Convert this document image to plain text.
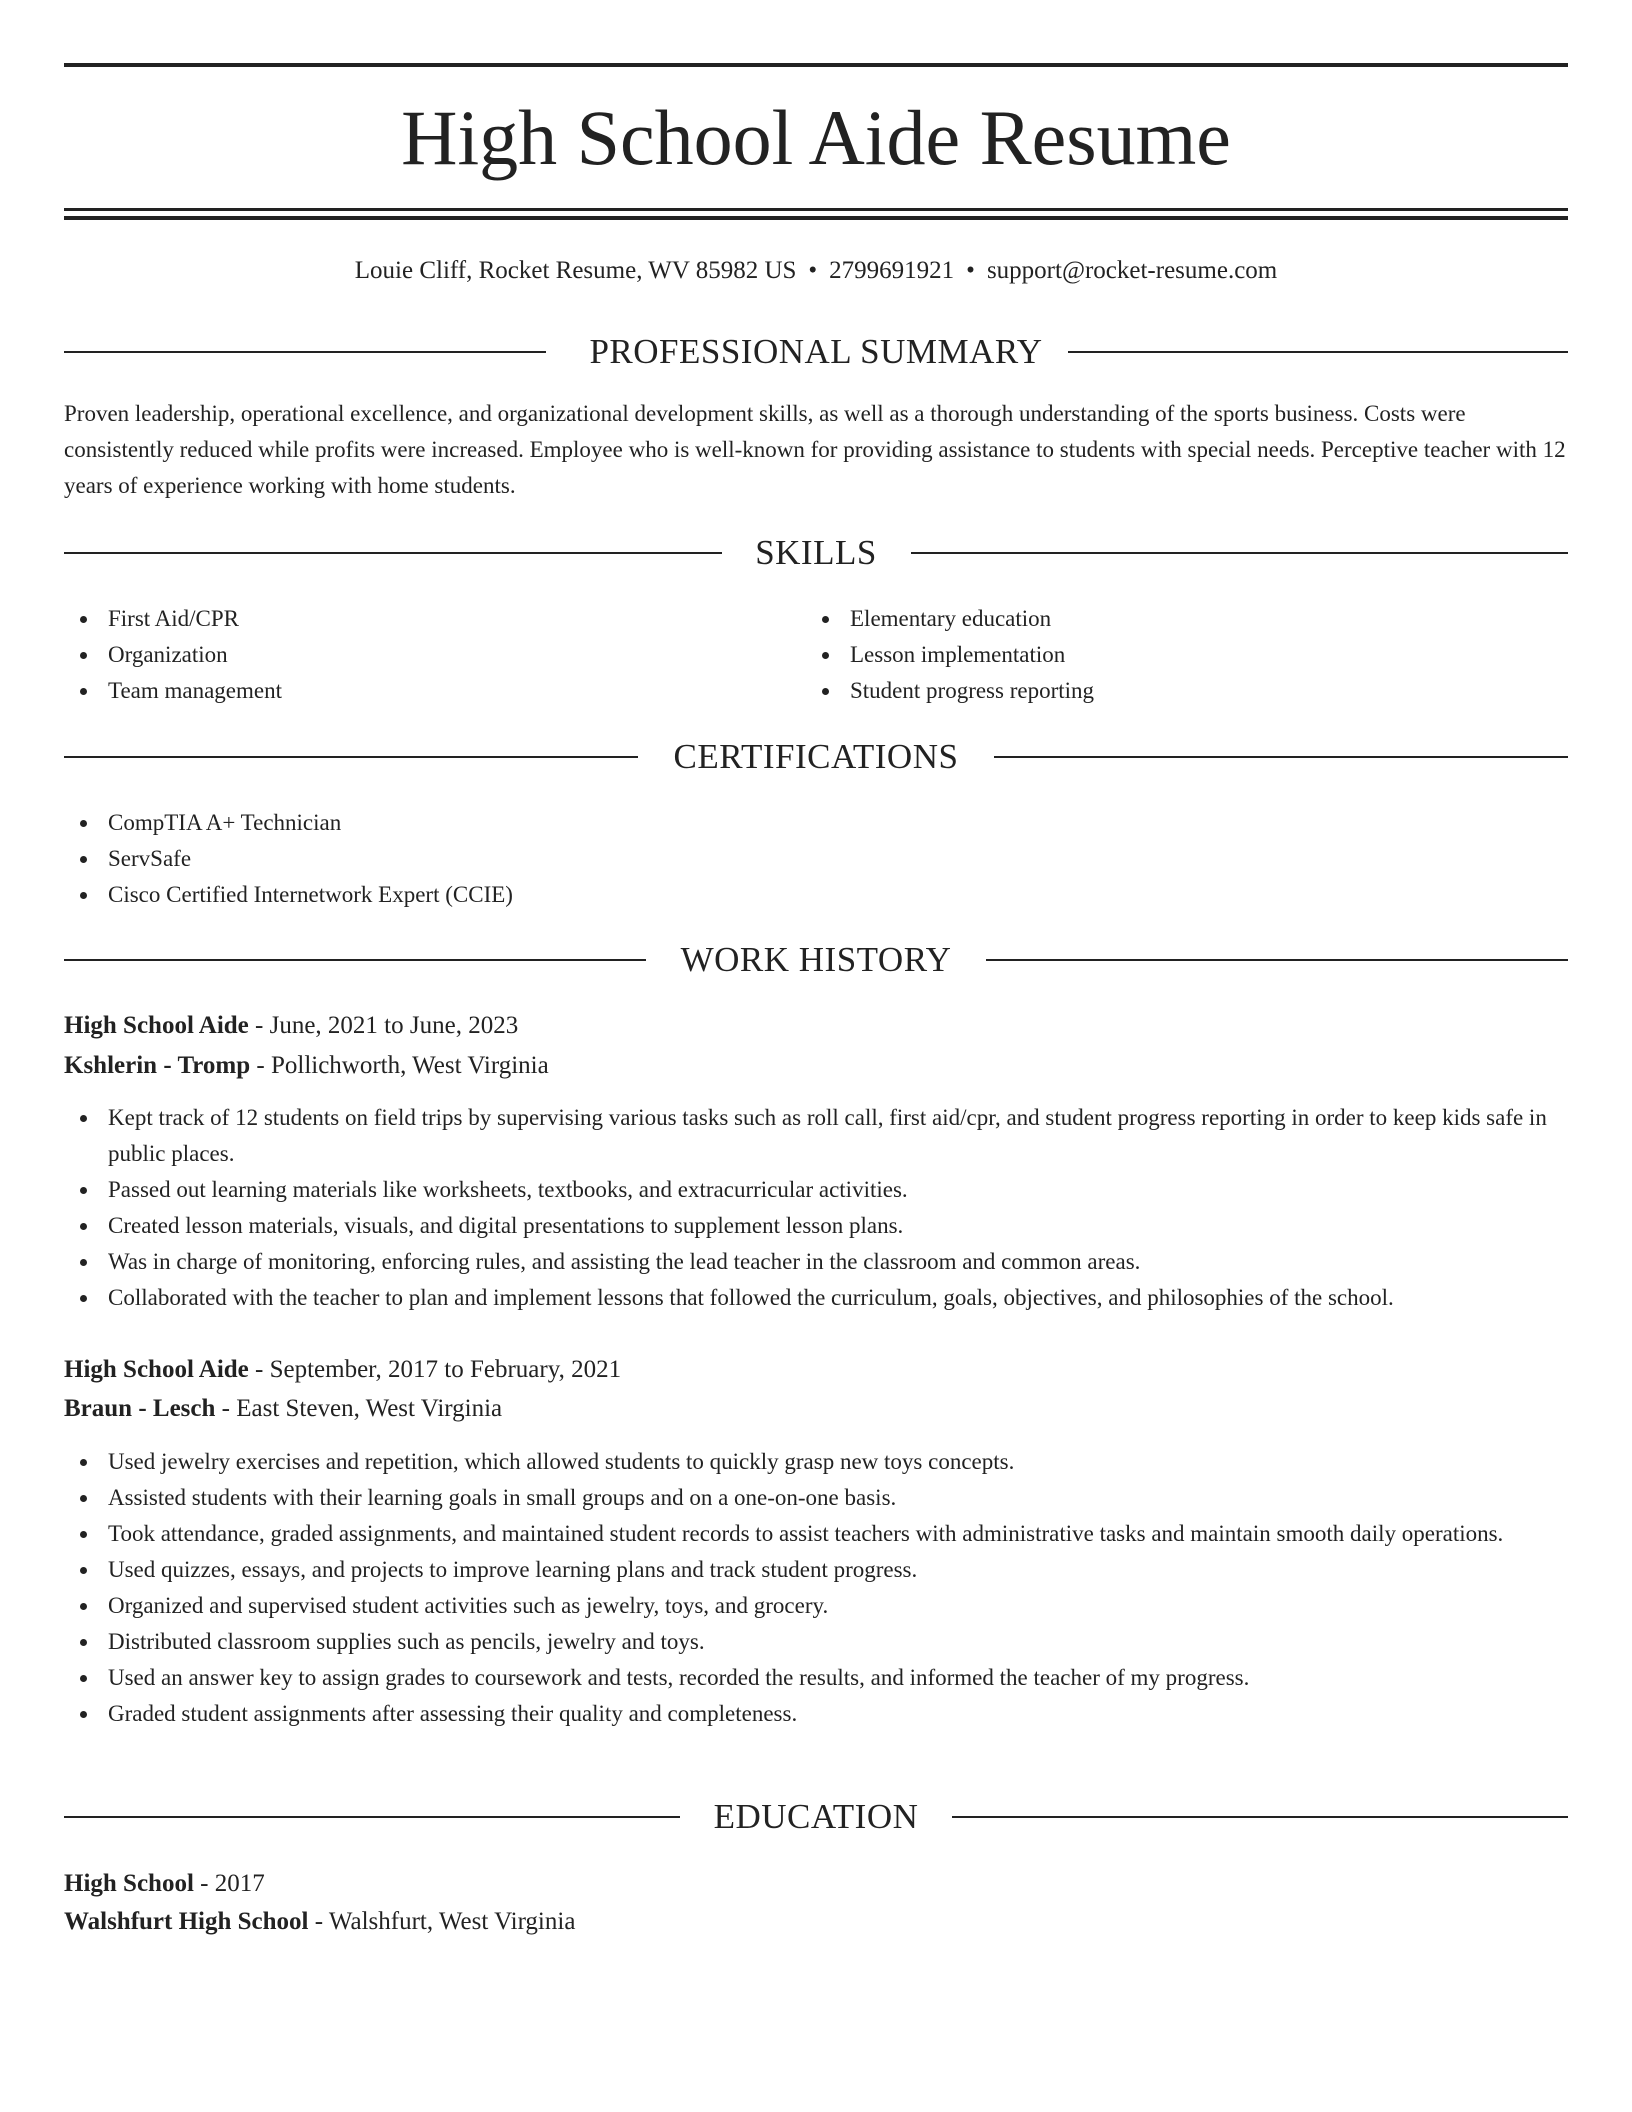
High School Aide Resume
Louie Cliff, Rocket Resume, WV 85982 US • 2799691921 • support@rocket-resume.com
PROFESSIONAL SUMMARY

Proven leadership, operational excellence, and organizational development skills, as well as a thorough understanding of the sports business. Costs were consistently reduced while profits were increased. Employee who is well-known for providing assistance to students with special needs. Perceptive teacher with 12 years of experience working with home students.

SKILLS
First Aid/CPR
Organization
Team management
Elementary education
Lesson implementation
Student progress reporting
CERTIFICATIONS
CompTIA A+ Technician
ServSafe
Cisco Certified Internetwork Expert (CCIE)
WORK HISTORY
High School Aide - June, 2021 to June, 2023
Kshlerin - Tromp - Pollichworth, West Virginia
Kept track of 12 students on field trips by supervising various tasks such as roll call, first aid/cpr, and student progress reporting in order to keep kids safe in public places.
Passed out learning materials like worksheets, textbooks, and extracurricular activities.
Created lesson materials, visuals, and digital presentations to supplement lesson plans.
Was in charge of monitoring, enforcing rules, and assisting the lead teacher in the classroom and common areas.
Collaborated with the teacher to plan and implement lessons that followed the curriculum, goals, objectives, and philosophies of the school.
High School Aide - September, 2017 to February, 2021
Braun - Lesch - East Steven, West Virginia
Used jewelry exercises and repetition, which allowed students to quickly grasp new toys concepts.
Assisted students with their learning goals in small groups and on a one-on-one basis.
Took attendance, graded assignments, and maintained student records to assist teachers with administrative tasks and maintain smooth daily operations.
Used quizzes, essays, and projects to improve learning plans and track student progress.
Organized and supervised student activities such as jewelry, toys, and grocery.
Distributed classroom supplies such as pencils, jewelry and toys.
Used an answer key to assign grades to coursework and tests, recorded the results, and informed the teacher of my progress.
Graded student assignments after assessing their quality and completeness.
EDUCATION
High School - 2017
Walshfurt High School - Walshfurt, West Virginia
